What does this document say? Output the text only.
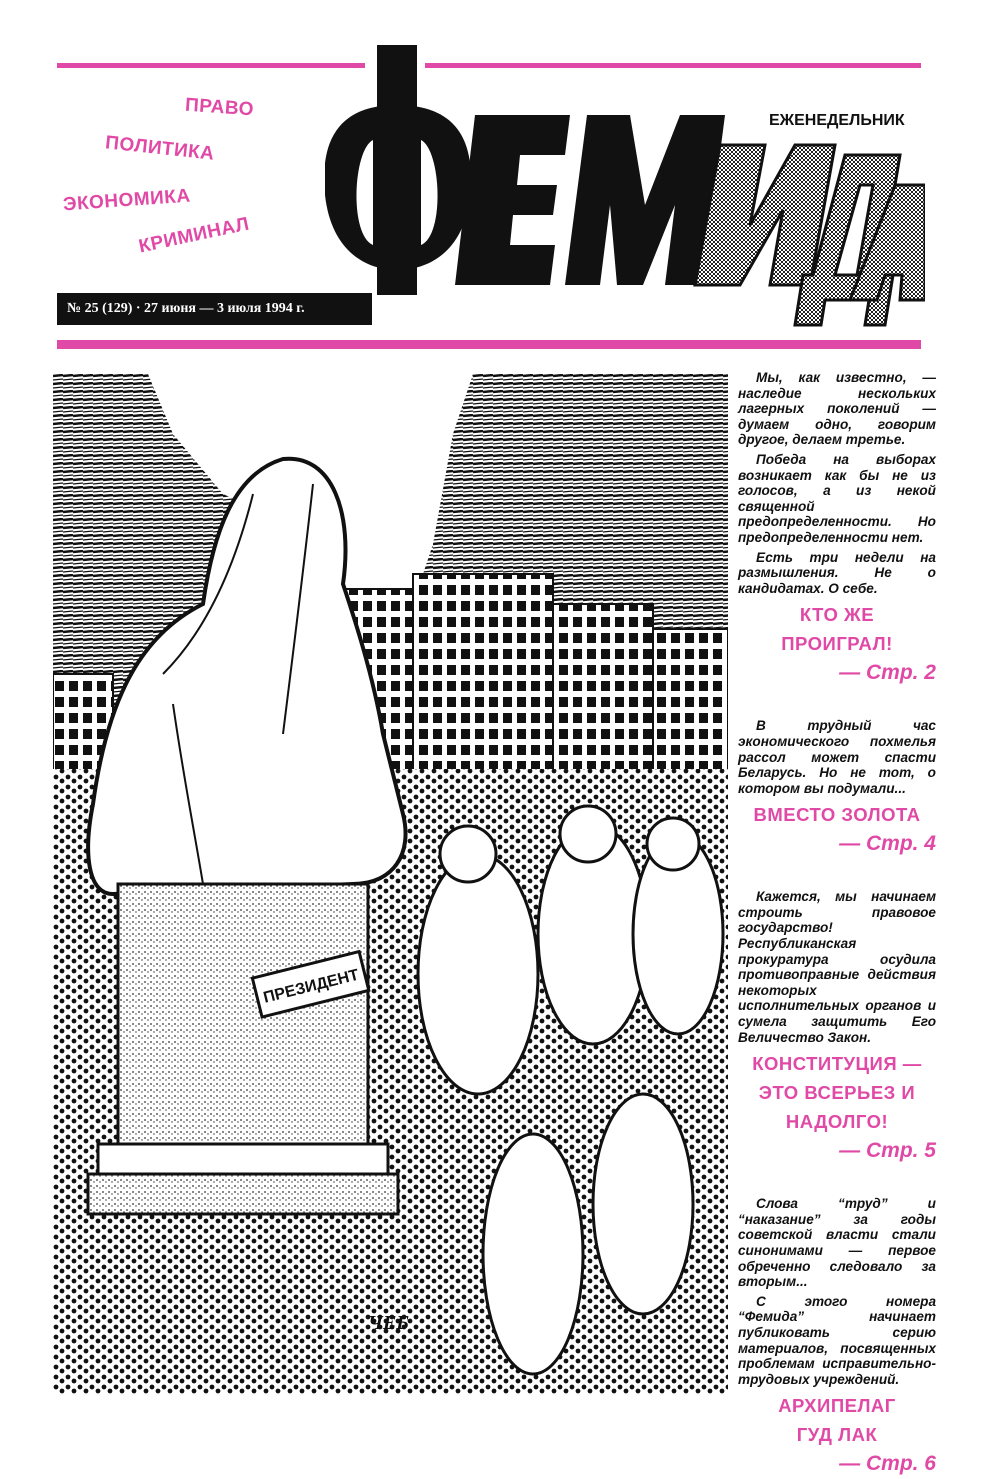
ПРАВО
ПОЛИТИКА
ЭКОНОМИКА
КРИМИНАЛ
ЕЖЕНЕДЕЛЬНИК
№ 25 (129) · 27 июня — 3 июля 1994 г.
ПРЕЗИДЕНТ
ЧЕБ

Мы, как известно, — наследие нескольких лагерных поколений — думаем одно, говорим другое, делаем третье.

Победа на выборах возникает как бы не из голосов, а из некой священной предопределенности. Но предопределенности нет.

Есть три недели на размышления. Не о кандидатах. О себе.

КТО ЖЕ

ПРОИГРАЛ!

— Стр. 2

В трудный час экономического похмелья рассол может спасти Беларусь. Но не тот, о котором вы подумали...

ВМЕСТО ЗОЛОТА

— Стр. 4

Кажется, мы начинаем строить правовое государство! Республиканская прокуратура осудила противоправные действия некоторых исполнительных органов и сумела защитить Его Величество Закон.

КОНСТИТУЦИЯ —

ЭТО ВСЕРЬЕЗ И

НАДОЛГО!

— Стр. 5

Слова “труд” и “наказание” за годы советской власти стали синонимами — первое обреченно следовало за вторым...

С этого номера “Фемида” начинает публиковать серию материалов, посвященных проблемам исправительно-трудовых учреждений.

АРХИПЕЛАГ

ГУД ЛАК

— Стр. 6
